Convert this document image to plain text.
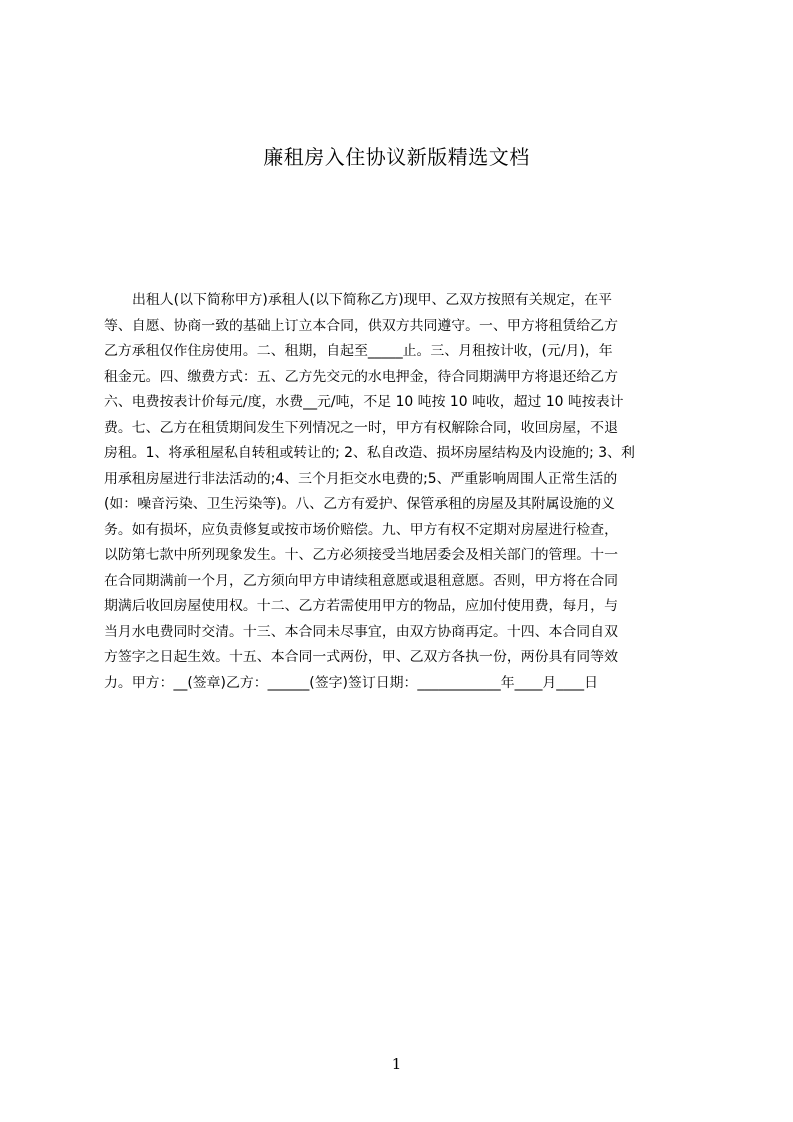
廉租房入住协议新版精选文档
出租人(以下简称甲方)承租人(以下简称乙方)现甲、乙双方按照有关规定，在平
等、自愿、协商一致的基础上订立本合同，供双方共同遵守。一、甲方将租赁给乙方
乙方承租仅作住房使用。二、租期，自起至_____止。三、月租按计收，(元/月)，年
租金元。四、缴费方式：五、乙方先交元的水电押金，待合同期满甲方将退还给乙方
六、电费按表计价每元/度，水费__元/吨，不足 10 吨按 10 吨收，超过 10 吨按表计
费。七、乙方在租赁期间发生下列情况之一时，甲方有权解除合同，收回房屋，不退
房租。1、将承租屋私自转租或转让的; 2、私自改造、损坏房屋结构及内设施的; 3、利
用承租房屋进行非法活动的;4、三个月拒交水电费的;5、严重影响周围人正常生活的
(如：噪音污染、卫生污染等)。八、乙方有爱护、保管承租的房屋及其附属设施的义
务。如有损坏，应负责修复或按市场价赔偿。九、甲方有权不定期对房屋进行检查，
以防第七款中所列现象发生。十、乙方必须接受当地居委会及相关部门的管理。十一
在合同期满前一个月，乙方须向甲方申请续租意愿或退租意愿。否则，甲方将在合同
期满后收回房屋使用权。十二、乙方若需使用甲方的物品，应加付使用费，每月，与
当月水电费同时交清。十三、本合同未尽事宜，由双方协商再定。十四、本合同自双
方签字之日起生效。十五、本合同一式两份，甲、乙双方各执一份，两份具有同等效
力。甲方：__(签章)乙方：______(签字)签订日期：____________年____月____日
1
